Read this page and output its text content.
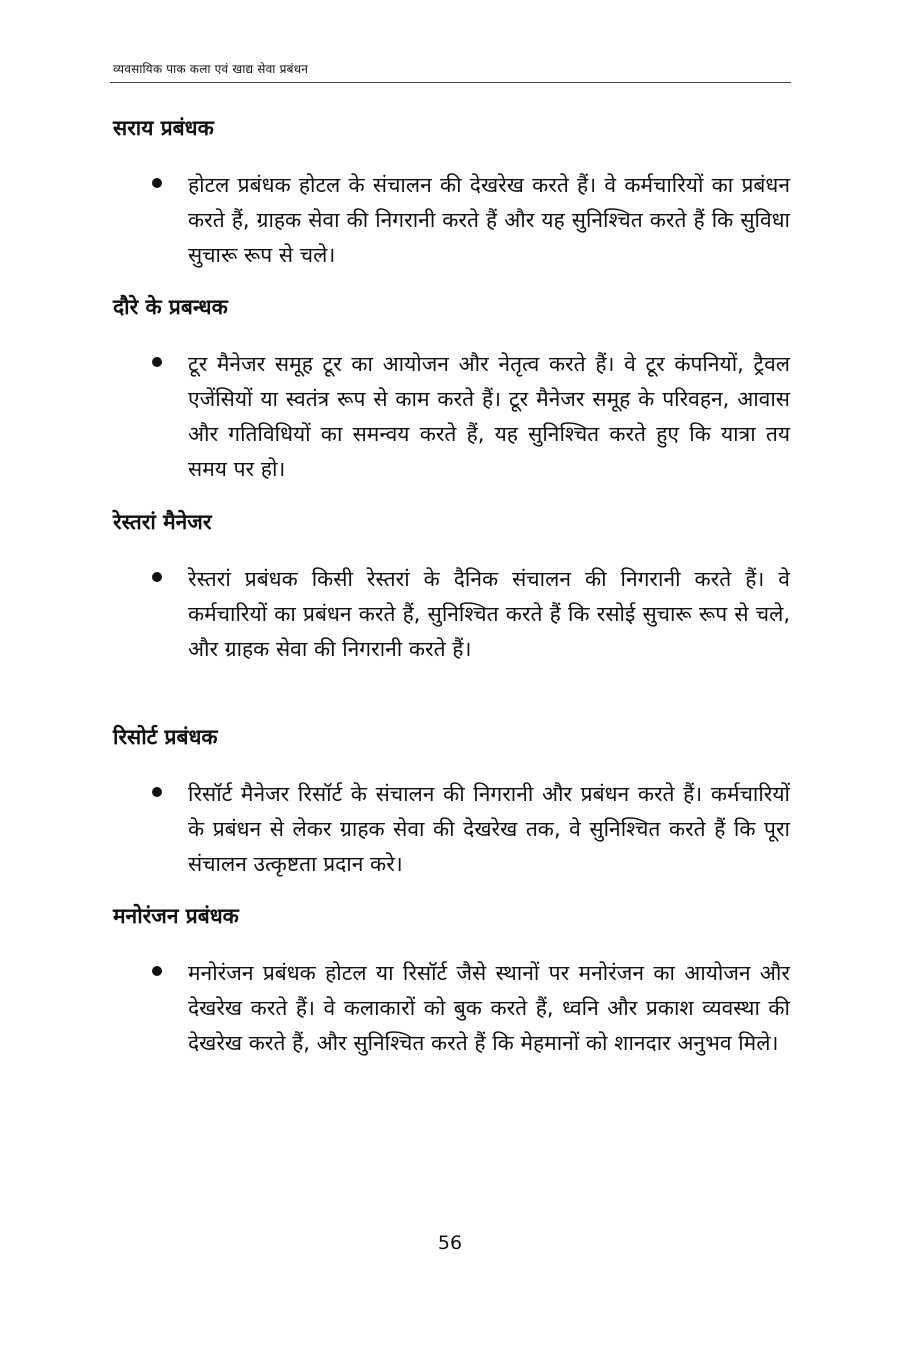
व्यवसायिक पाक कला एवं खाद्य सेवा प्रबंधन
सराय प्रबंधक

होटल प्रबंधक होटल के संचालन की देखरेख करते हैं। वे कर्मचारियों का प्रबंधन करते हैं, ग्राहक सेवा की निगरानी करते हैं और यह सुनिश्चित करते हैं कि सुविधा सुचारू रूप से चले।

दौरे के प्रबन्धक

टूर मैनेजर समूह टूर का आयोजन और नेतृत्व करते हैं। वे टूर कंपनियों, ट्रैवल एजेंसियों या स्वतंत्र रूप से काम करते हैं। टूर मैनेजर समूह के परिवहन, आवास और गतिविधियों का समन्वय करते हैं, यह सुनिश्चित करते हुए कि यात्रा तय समय पर हो।

रेस्तरां मैनेजर

रेस्तरां प्रबंधक किसी रेस्तरां के दैनिक संचालन की निगरानी करते हैं। वे कर्मचारियों का प्रबंधन करते हैं, सुनिश्चित करते हैं कि रसोई सुचारू रूप से चले, और ग्राहक सेवा की निगरानी करते हैं।

रिसोर्ट प्रबंधक

रिसॉर्ट मैनेजर रिसॉर्ट के संचालन की निगरानी और प्रबंधन करते हैं। कर्मचारियों के प्रबंधन से लेकर ग्राहक सेवा की देखरेख तक, वे सुनिश्चित करते हैं कि पूरा संचालन उत्कृष्टता प्रदान करे।

मनोरंजन प्रबंधक

मनोरंजन प्रबंधक होटल या रिसॉर्ट जैसे स्थानों पर मनोरंजन का आयोजन और देखरेख करते हैं। वे कलाकारों को बुक करते हैं, ध्वनि और प्रकाश व्यवस्था की देखरेख करते हैं, और सुनिश्चित करते हैं कि मेहमानों को शानदार अनुभव मिले।

56
